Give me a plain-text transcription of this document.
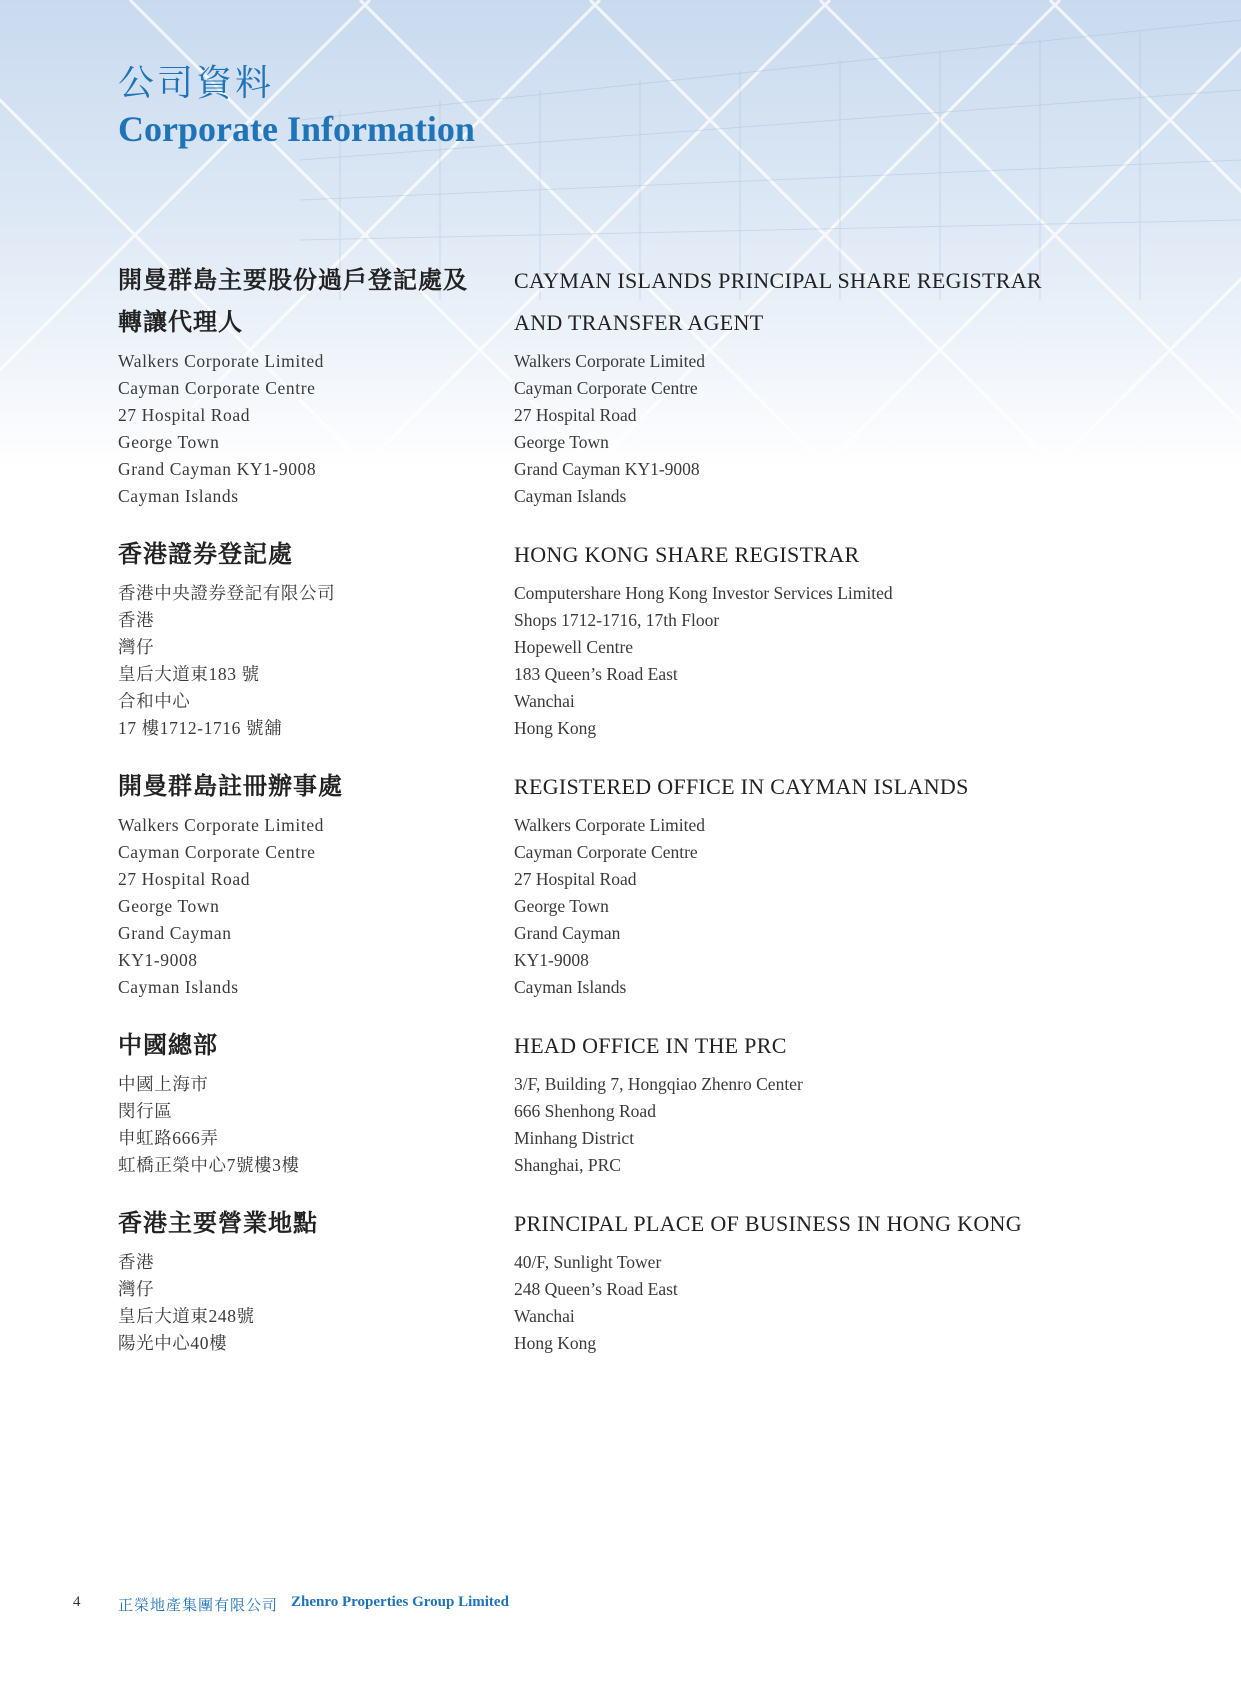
公司資料
Corporate Information
開曼群島主要股份過戶登記處及
轉讓代理人
Walkers Corporate Limited
Cayman Corporate Centre
27 Hospital Road
George Town
Grand Cayman KY1-9008
Cayman Islands
CAYMAN ISLANDS PRINCIPAL SHARE REGISTRAR
AND TRANSFER AGENT
Walkers Corporate Limited
Cayman Corporate Centre
27 Hospital Road
George Town
Grand Cayman KY1-9008
Cayman Islands
香港證券登記處
香港中央證券登記有限公司
香港
灣仔
皇后大道東183 號
合和中心
17 樓1712-1716 號舖
HONG KONG SHARE REGISTRAR
Computershare Hong Kong Investor Services Limited
Shops 1712-1716, 17th Floor
Hopewell Centre
183 Queen’s Road East
Wanchai
Hong Kong
開曼群島註冊辦事處
Walkers Corporate Limited
Cayman Corporate Centre
27 Hospital Road
George Town
Grand Cayman
KY1-9008
Cayman Islands
REGISTERED OFFICE IN CAYMAN ISLANDS
Walkers Corporate Limited
Cayman Corporate Centre
27 Hospital Road
George Town
Grand Cayman
KY1-9008
Cayman Islands
中國總部
中國上海市
閔行區
申虹路666弄
虹橋正榮中心7號樓3樓
HEAD OFFICE IN THE PRC
3/F, Building 7, Hongqiao Zhenro Center
666 Shenhong Road
Minhang District
Shanghai, PRC
香港主要營業地點
香港
灣仔
皇后大道東248號
陽光中心40樓
PRINCIPAL PLACE OF BUSINESS IN HONG KONG
40/F, Sunlight Tower
248 Queen’s Road East
Wanchai
Hong Kong
4	正榮地產集團有限公司 Zhenro Properties Group Limited
